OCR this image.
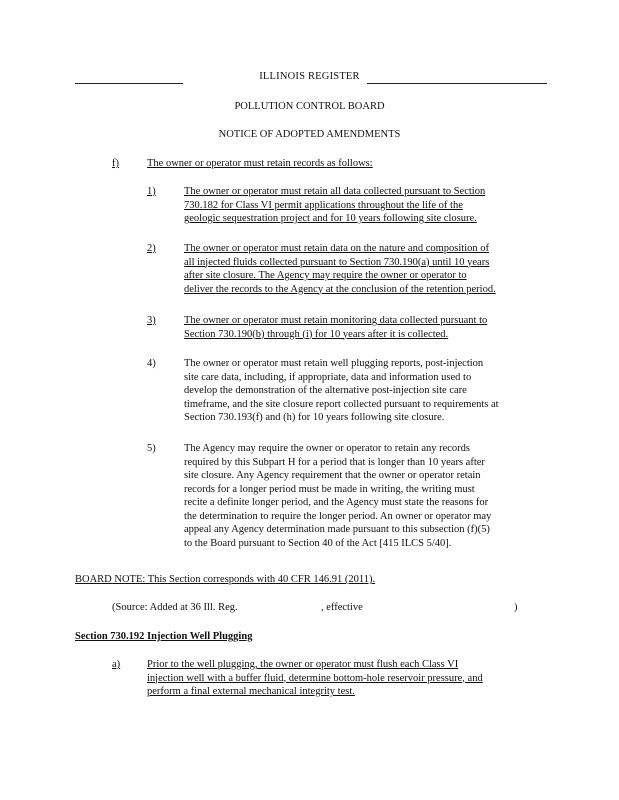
ILLINOIS REGISTER
POLLUTION CONTROL BOARD
NOTICE OF ADOPTED AMENDMENTS
f)	The owner or operator must retain records as follows:
1)	The owner or operator must retain all data collected pursuant to Section
730.182 for Class VI permit applications throughout the life of the
geologic sequestration project and for 10 years following site closure.
2)	The owner or operator must retain data on the nature and composition of
all injected fluids collected pursuant to Section 730.190(a) until 10 years
after site closure. The Agency may require the owner or operator to
deliver the records to the Agency at the conclusion of the retention period.
3)	The owner or operator must retain monitoring data collected pursuant to
Section 730.190(b) through (i) for 10 years after it is collected.
4)	The owner or operator must retain well plugging reports, post-injection
site care data, including, if appropriate, data and information used to
develop the demonstration of the alternative post-injection site care
timeframe, and the site closure report collected pursuant to requirements at
Section 730.193(f) and (h) for 10 years following site closure.
5)	The Agency may require the owner or operator to retain any records
required by this Subpart H for a period that is longer than 10 years after
site closure. Any Agency requirement that the owner or operator retain
records for a longer period must be made in writing, the writing must
recite a definite longer period, and the Agency must state the reasons for
the determination to require the longer period. An owner or operator may
appeal any Agency determination made pursuant to this subsection (f)(5)
to the Board pursuant to Section 40 of the Act [415 ILCS 5/40].
BOARD NOTE: This Section corresponds with 40 CFR 146.91 (2011).
(Source: Added at 36 Ill. Reg.	, effective	)
Section 730.192 Injection Well Plugging
a)	Prior to the well plugging, the owner or operator must flush each Class VI
injection well with a buffer fluid, determine bottom-hole reservoir pressure, and
perform a final external mechanical integrity test.
